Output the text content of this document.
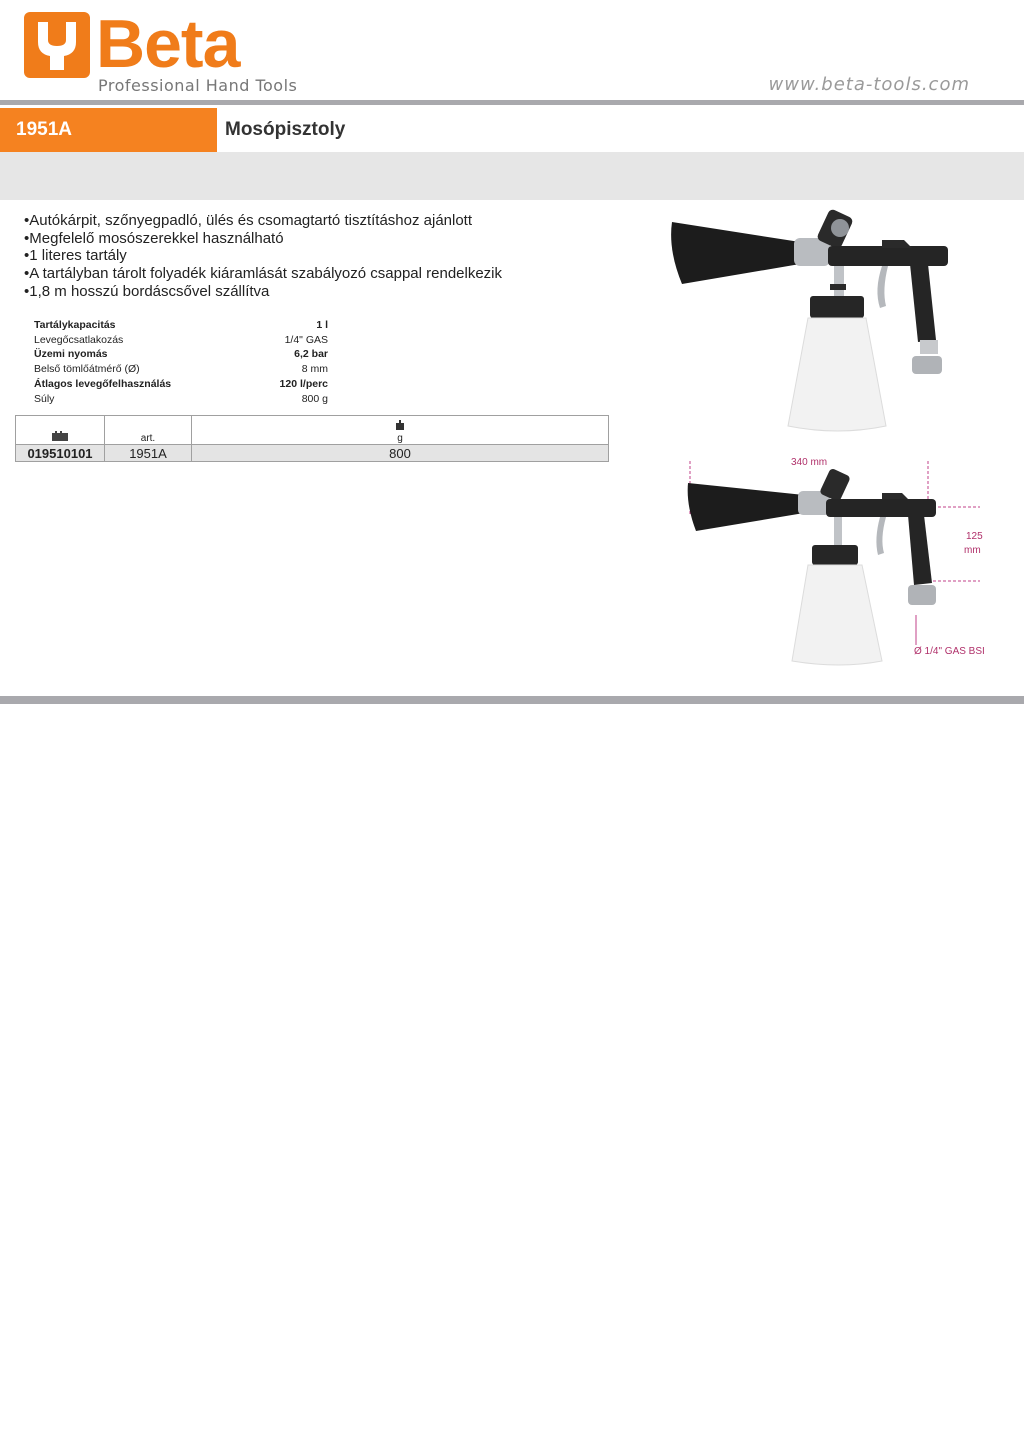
Beta
Professional Hand Tools	www.beta-tools.com
1951A	Mosópisztoly
• Autókárpit, szőnyegpadló, ülés és csomagtartó tisztításhoz ajánlott
• Megfelelő mosószerekkel használható
• 1 literes tartály
• A tartályban tárolt folyadék kiáramlását szabályozó csappal rendelkezik
• 1,8 m hosszú bordáscsővel szállítva
Tartálykapacitás	1 l
Levegőcsatlakozás	1/4" GAS
Üzemi nyomás	6,2 bar
Belső tömlőátmérő (Ø)	8 mm
Átlagos levegőfelhasználás	120 l/perc
Súly	800 g
	art.	g

019510101	1951A	800
340 mm
125
mm
Ø 1/4" GAS BSI
